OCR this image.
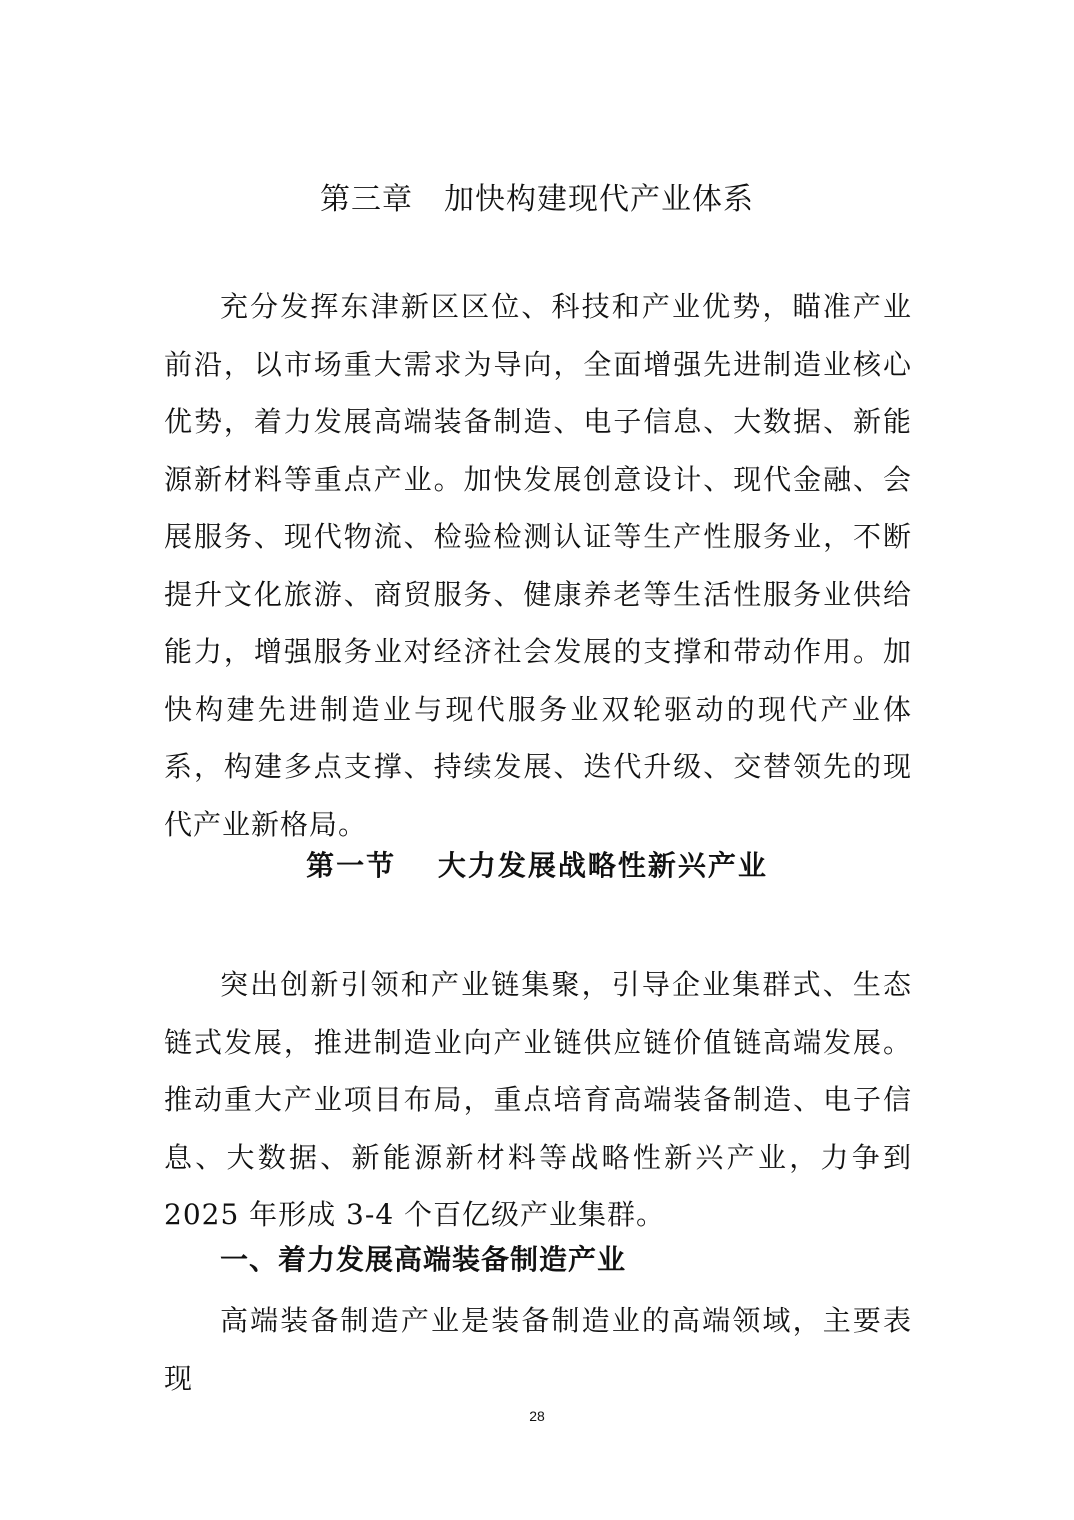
第三章　加快构建现代产业体系

充分发挥东津新区区位、科技和产业优势，瞄准产业前沿，以市场重大需求为导向，全面增强先进制造业核心优势，着力发展高端装备制造、电子信息、大数据、新能源新材料等重点产业。加快发展创意设计、现代金融、会展服务、现代物流、检验检测认证等生产性服务业，不断提升文化旅游、商贸服务、健康养老等生活性服务业供给能力，增强服务业对经济社会发展的支撑和带动作用。加快构建先进制造业与现代服务业双轮驱动的现代产业体系，构建多点支撑、持续发展、迭代升级、交替领先的现代产业新格局。

第一节　 大力发展战略性新兴产业

突出创新引领和产业链集聚，引导企业集群式、生态链式发展，推进制造业向产业链供应链价值链高端发展。推动重大产业项目布局，重点培育高端装备制造、电子信息、大数据、新能源新材料等战略性新兴产业，力争到 2025 年形成 3-4 个百亿级产业集群。

一、着力发展高端装备制造产业

高端装备制造产业是装备制造业的高端领域，主要表现

28
